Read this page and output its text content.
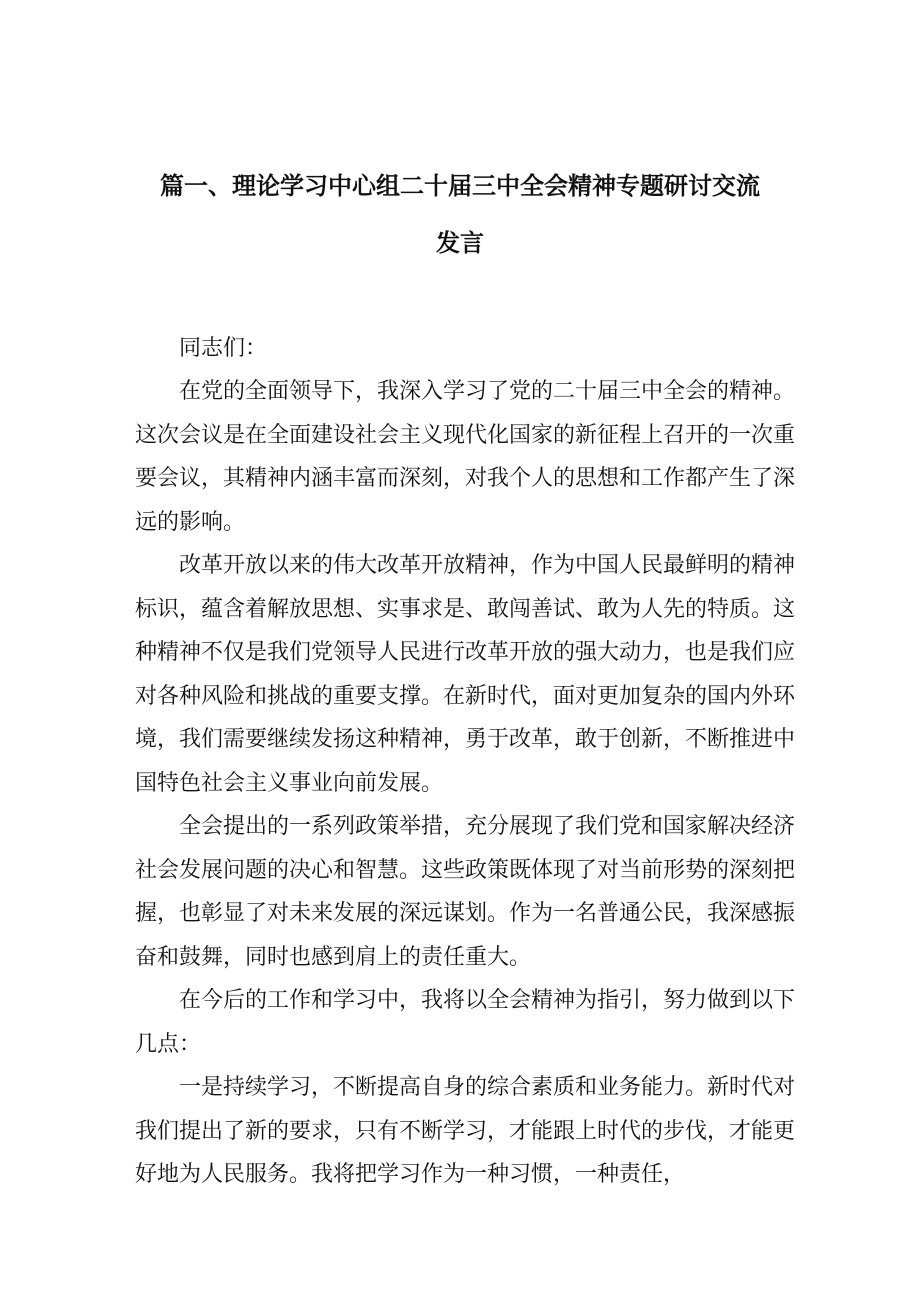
篇一、理论学习中心组二十届三中全会精神专题研讨交流
发言

同志们：

在党的全面领导下，我深入学习了党的二十届三中全会的精神。这次会议是在全面建设社会主义现代化国家的新征程上召开的一次重要会议，其精神内涵丰富而深刻，对我个人的思想和工作都产生了深远的影响。

改革开放以来的伟大改革开放精神，作为中国人民最鲜明的精神标识，蕴含着解放思想、实事求是、敢闯善试、敢为人先的特质。这种精神不仅是我们党领导人民进行改革开放的强大动力，也是我们应对各种风险和挑战的重要支撑。在新时代，面对更加复杂的国内外环境，我们需要继续发扬这种精神，勇于改革，敢于创新，不断推进中国特色社会主义事业向前发展。

全会提出的一系列政策举措，充分展现了我们党和国家解决经济社会发展问题的决心和智慧。这些政策既体现了对当前形势的深刻把握，也彰显了对未来发展的深远谋划。作为一名普通公民，我深感振奋和鼓舞，同时也感到肩上的责任重大。

在今后的工作和学习中，我将以全会精神为指引，努力做到以下几点：

一是持续学习，不断提高自身的综合素质和业务能力。新时代对我们提出了新的要求，只有不断学习，才能跟上时代的步伐，才能更好地为人民服务。我将把学习作为一种习惯，一种责任，
